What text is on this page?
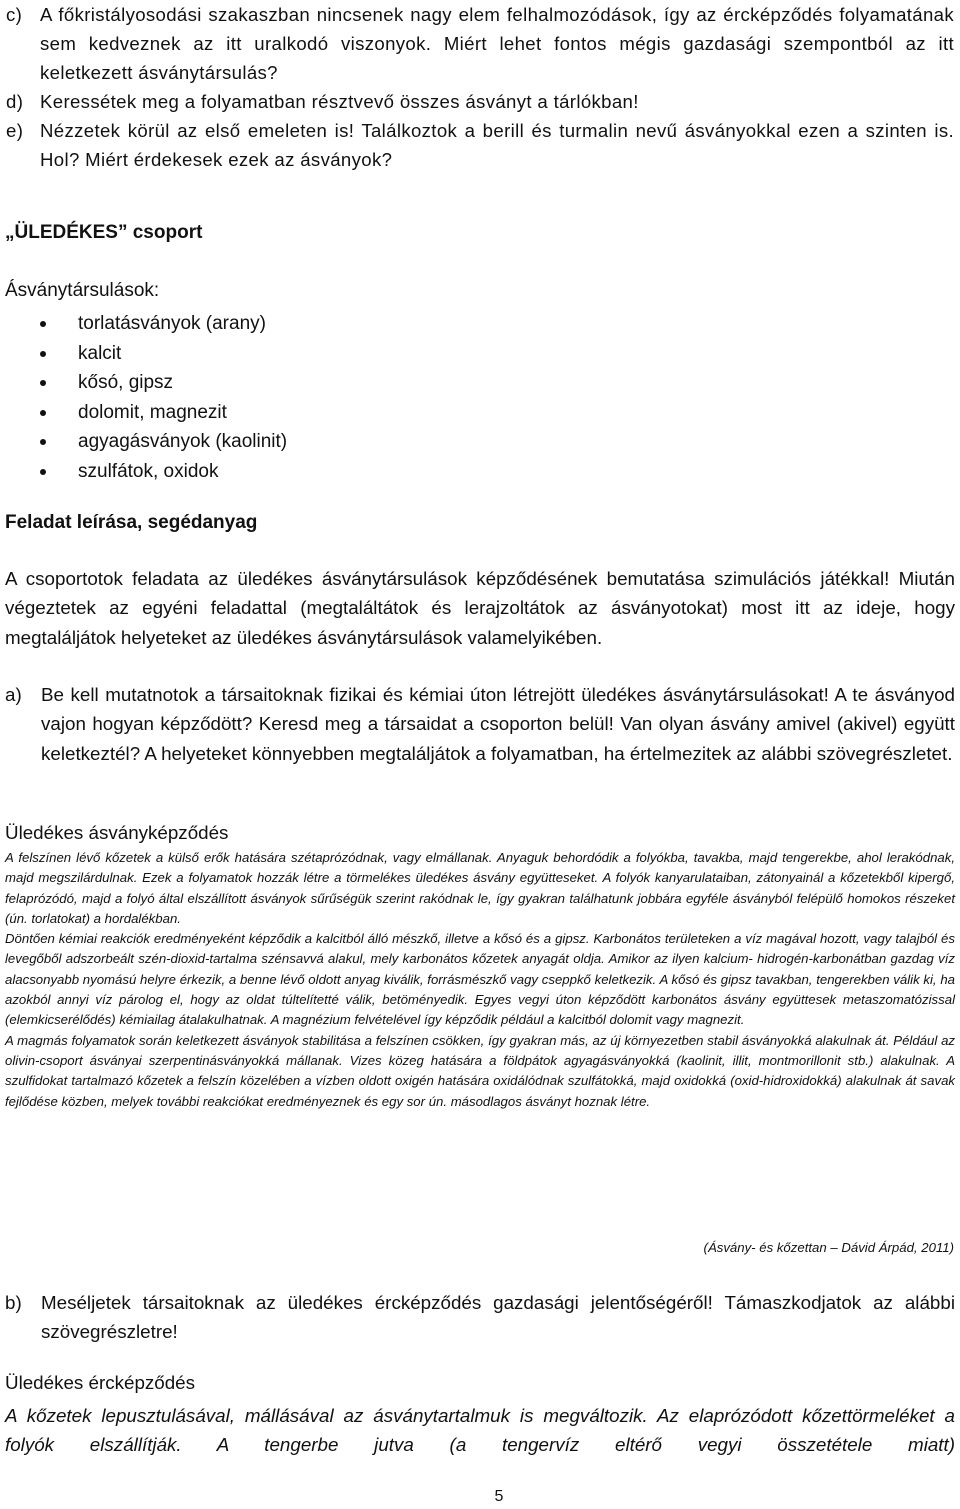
c) A főkristályosodási szakaszban nincsenek nagy elem felhalmozódások, így az ércképződés folyamatának sem kedveznek az itt uralkodó viszonyok. Miért lehet fontos mégis gazdasági szempontból az itt keletkezett ásványtársulás?
d) Keressétek meg a folyamatban résztvevő összes ásványt a tárlókban!
e) Nézzetek körül az első emeleten is! Találkoztok a berill és turmalin nevű ásványokkal ezen a szinten is. Hol? Miért érdekesek ezek az ásványok?
„ÜLEDÉKES” csoport
Ásványtársulások:
torlatásványok (arany)
kalcit
kősó, gipsz
dolomit, magnezit
agyagásványok (kaolinit)
szulfátok, oxidok
Feladat leírása, segédanyag
A csoportotok feladata az üledékes ásványtársulások képződésének bemutatása szimulációs játékkal! Miután végeztetek az egyéni feladattal (megtaláltátok és lerajzoltátok az ásványotokat) most itt az ideje, hogy megtaláljátok helyeteket az üledékes ásványtársulások valamelyikében.
a) Be kell mutatnotok a társaitoknak fizikai és kémiai úton létrejött üledékes ásványtársulásokat! A te ásványod vajon hogyan képződött? Keresd meg a társaidat a csoporton belül! Van olyan ásvány amivel (akivel) együtt keletkeztél? A helyeteket könnyebben megtaláljátok a folyamatban, ha értelmezitek az alábbi szövegrészletet.
Üledékes ásványképződés

A felszínen lévő kőzetek a külső erők hatására szétaprózódnak, vagy elmállanak. Anyaguk behordódik a folyókba, tavakba, majd tengerekbe, ahol lerakódnak, majd megszilárdulnak. Ezek a folyamatok hozzák létre a törmelékes üledékes ásvány együtteseket. A folyók kanyarulataiban, zátonyainál a kőzetekből kipergő, felaprózódó, majd a folyó által elszállított ásványok sűrűségük szerint rakódnak le, így gyakran találhatunk jobbára egyféle ásványból felépülő homokos részeket (ún. torlatokat) a hordalékban.

Döntően kémiai reakciók eredményeként képződik a kalcitból álló mészkő, illetve a kősó és a gipsz. Karbonátos területeken a víz magával hozott, vagy talajból és levegőből adszorbeált szén-dioxid-tartalma szénsavvá alakul, mely karbonátos kőzetek anyagát oldja. Amikor az ilyen kalcium- hidrogén-karbonátban gazdag víz alacsonyabb nyomású helyre érkezik, a benne lévő oldott anyag kiválik, forrásmészkő vagy cseppkő keletkezik. A kősó és gipsz tavakban, tengerekben válik ki, ha azokból annyi víz párolog el, hogy az oldat túltelítetté válik, betöményedik. Egyes vegyi úton képződött karbonátos ásvány együttesek metaszomatózissal (elemkicserélődés) kémiailag átalakulhatnak. A magnézium felvételével így képződik például a kalcitból dolomit vagy magnezit.

A magmás folyamatok során keletkezett ásványok stabilitása a felszínen csökken, így gyakran más, az új környezetben stabil ásványokká alakulnak át. Például az olivin-csoport ásványai szerpentinásványokká mállanak. Vizes közeg hatására a földpátok agyagásványokká (kaolinit, illit, montmorillonit stb.) alakulnak. A szulfidokat tartalmazó kőzetek a felszín közelében a vízben oldott oxigén hatására oxidálódnak szulfátokká, majd oxidokká (oxid-hidroxidokká) alakulnak át savak fejlődése közben, melyek további reakciókat eredményeznek és egy sor ún. másodlagos ásványt hoznak létre.

(Ásvány- és kőzettan – Dávid Árpád, 2011)
b) Meséljetek társaitoknak az üledékes ércképződés gazdasági jelentőségéről! Támaszkodjatok az alábbi szövegrészletre!
Üledékes ércképződés
A kőzetek lepusztulásával, mállásával az ásványtartalmuk is megváltozik. Az elaprózódott kőzettörmeléket a folyók elszállítják. A tengerbe jutva (a tengervíz eltérő vegyi összetétele miatt)
5
